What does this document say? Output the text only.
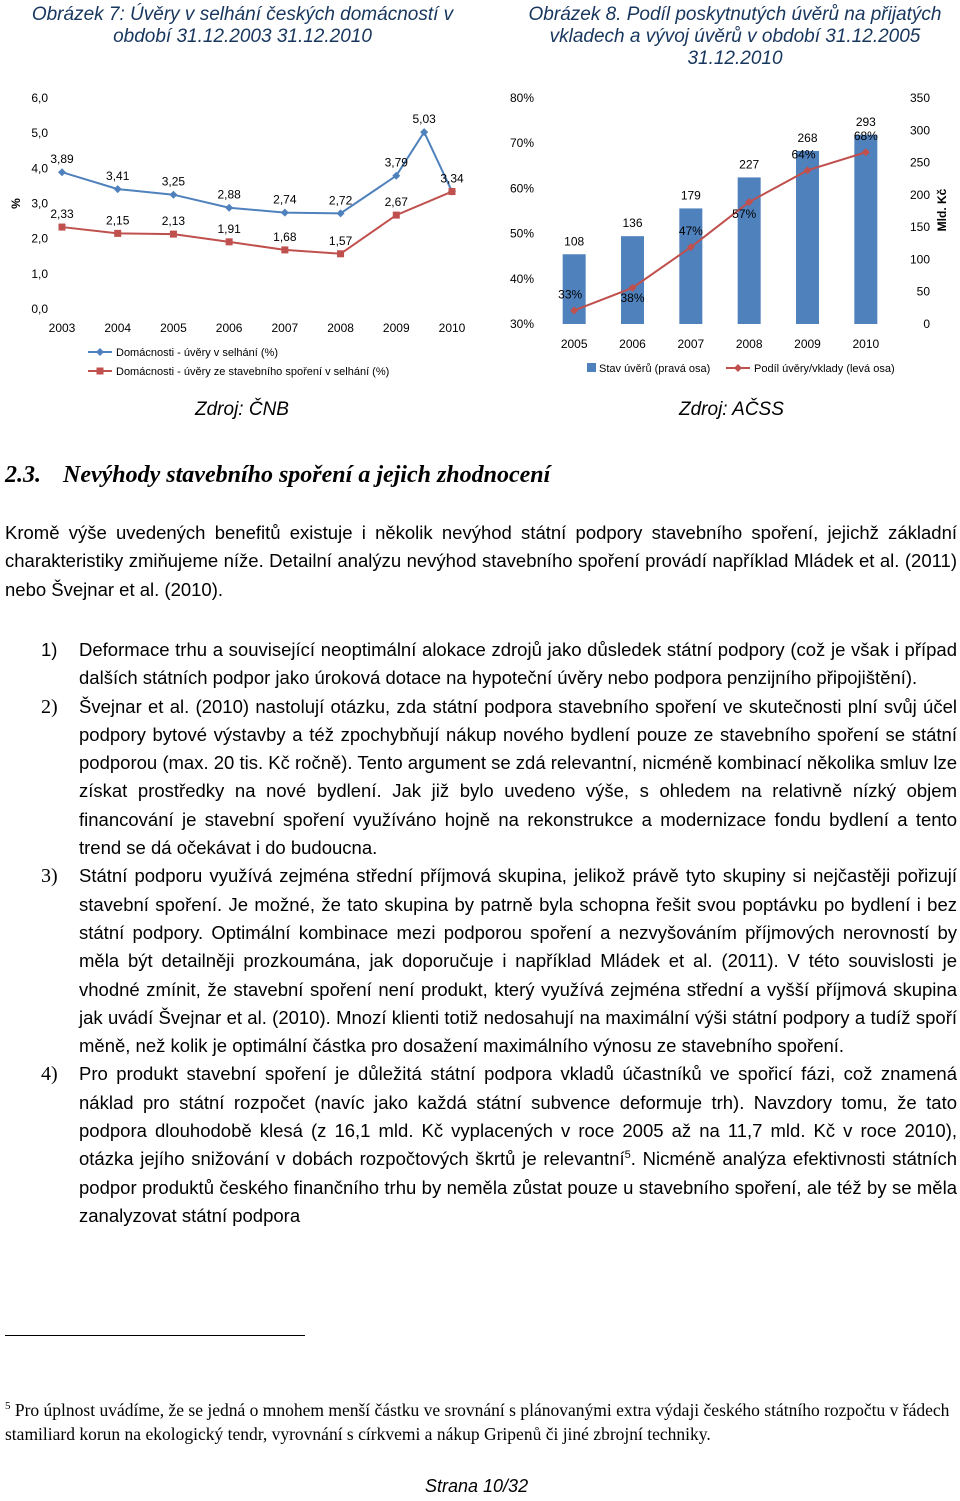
Obrázek 7: Úvěry v selhání českých domácností v období 31.12.2003 31.12.2010
%
6,0
5,0
4,0
3,0
2,0
1,0
0,0
2003 2004 2005 2006 2007 2008 2009 2010
3,89
3,41	3,25
2,88	2,74	2,72
3,79
5,03
3,34
2,33	2,15	2,13
1,91
1,68	1,57
2,67
Domácnosti - úvěry v selhání (%)
Domácnosti - úvěry ze stavebního spoření v selhání (%)
Zdroj: ČNB
Obrázek 8. Podíl poskytnutých úvěrů na přijatých vkladech a vývoj úvěrů v období 31.12.2005 31.12.2010
80%
70%
60%
50%
40%
30%
350
300
250
200
150
100
50
0
Mld. Kč
108
136
179
227
268
293
33%	38%
47%
57%
64%
68%
2005	2006	2007	2008	2009	2010
Stav úvěrů (pravá osa)	Podíl úvěry/vklady (levá osa)
Zdroj: AČSS
2.3. Nevýhody stavebního spoření a jejich zhodnocení
Kromě výše uvedených benefitů existuje i několik nevýhod státní podpory stavebního spoření, jejichž základní charakteristiky zmiňujeme níže. Detailní analýzu nevýhod stavebního spoření provádí například Mládek et al. (2011) nebo Švejnar et al. (2010).
1) Deformace trhu a související neoptimální alokace zdrojů jako důsledek státní podpory (což je však i případ dalších státních podpor jako úroková dotace na hypoteční úvěry nebo podpora penzijního připojištění).
2) Švejnar et al. (2010) nastolují otázku, zda státní podpora stavebního spoření ve skutečnosti plní svůj účel podpory bytové výstavby a též zpochybňují nákup nového bydlení pouze ze stavebního spoření se státní podporou (max. 20 tis. Kč ročně). Tento argument se zdá relevantní, nicméně kombinací několika smluv lze získat prostředky na nové bydlení. Jak již bylo uvedeno výše, s ohledem na relativně nízký objem financování je stavební spoření využíváno hojně na rekonstrukce a modernizace fondu bydlení a tento trend se dá očekávat i do budoucna.
3) Státní podporu využívá zejména střední příjmová skupina, jelikož právě tyto skupiny si nejčastěji pořizují stavební spoření. Je možné, že tato skupina by patrně byla schopna řešit svou poptávku po bydlení i bez státní podpory. Optimální kombinace mezi podporou spoření a nezvyšováním příjmových nerovností by měla být detailněji prozkoumána, jak doporučuje i například Mládek et al. (2011). V této souvislosti je vhodné zmínit, že stavební spoření není produkt, který využívá zejména střední a vyšší příjmová skupina jak uvádí Švejnar et al. (2010). Mnozí klienti totiž nedosahují na maximální výši státní podpory a tudíž spoří měně, než kolik je optimální částka pro dosažení maximálního výnosu ze stavebního spoření.
4) Pro produkt stavební spoření je důležitá státní podpora vkladů účastníků ve spořicí fázi, což znamená náklad pro státní rozpočet (navíc jako každá státní subvence deformuje trh). Navzdory tomu, že tato podpora dlouhodobě klesá (z 16,1 mld. Kč vyplacených v roce 2005 až na 11,7 mld. Kč v roce 2010), otázka jejího snižování v dobách rozpočtových škrtů je relevantní$^5$. Nicméně analýza efektivnosti státních podpor produktů českého finančního trhu by neměla zůstat pouze u stavebního spoření, ale též by se měla zanalyzovat státní podpora
$^5$ Pro úplnost uvádíme, že se jedná o mnohem menší částku ve srovnání s plánovanými extra výdaji českého státního rozpočtu v řádech stamiliard korun na ekologický tendr, vyrovnání s církvemi a nákup Gripenů či jiné zbrojní techniky.
Strana 10/32
